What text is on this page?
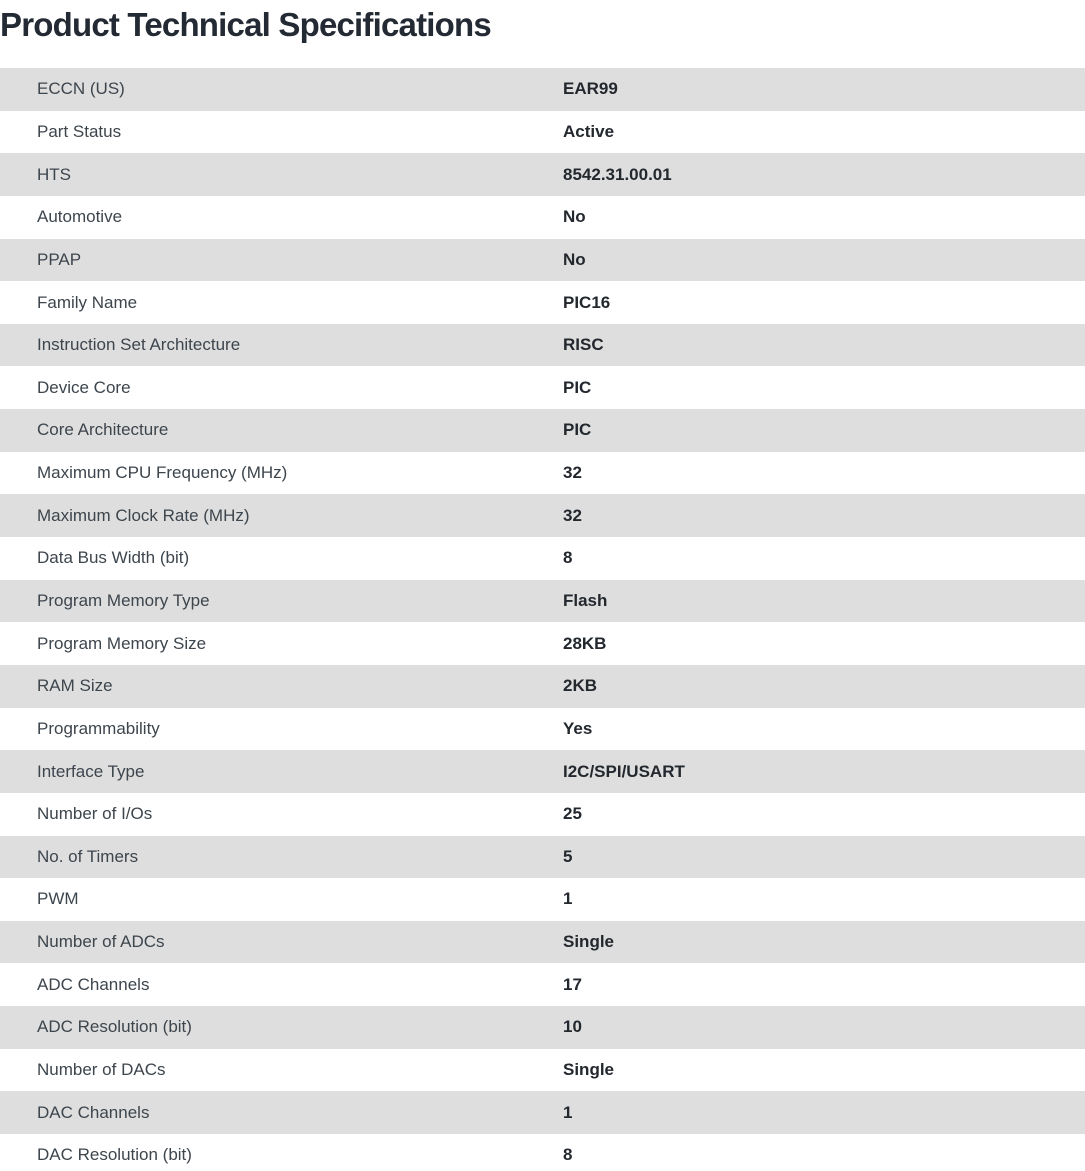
Product Technical Specifications
ECCN (US)	EAR99
Part Status	Active
HTS	8542.31.00.01
Automotive	No
PPAP	No
Family Name	PIC16
Instruction Set Architecture	RISC
Device Core	PIC
Core Architecture	PIC
Maximum CPU Frequency (MHz)	32
Maximum Clock Rate (MHz)	32
Data Bus Width (bit)	8
Program Memory Type	Flash
Program Memory Size	28KB
RAM Size	2KB
Programmability	Yes
Interface Type	I2C/SPI/USART
Number of I/Os	25
No. of Timers	5
PWM	1
Number of ADCs	Single
ADC Channels	17
ADC Resolution (bit)	10
Number of DACs	Single
DAC Channels	1
DAC Resolution (bit)	8
